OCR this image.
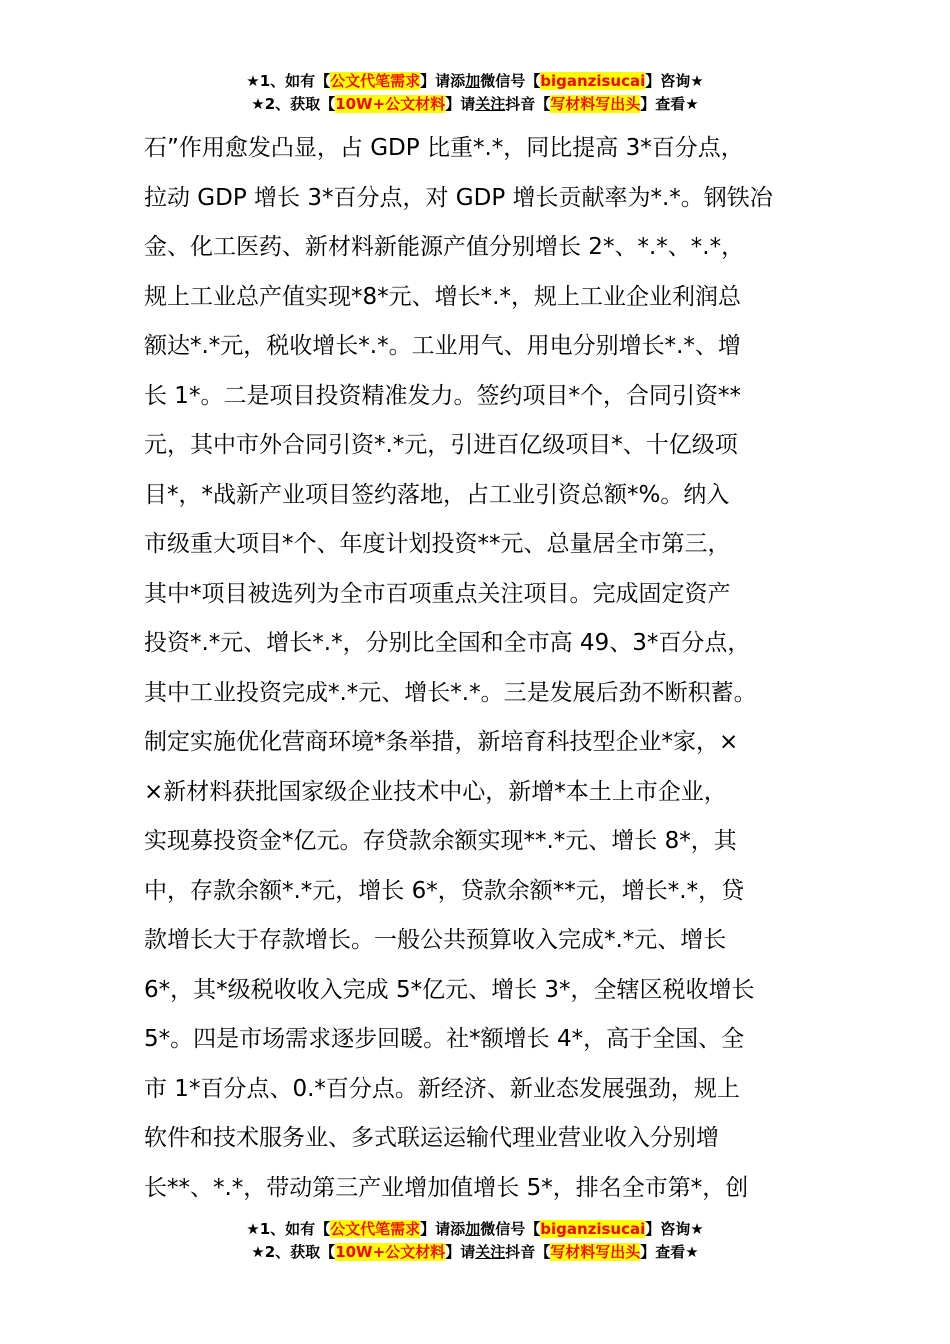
★1、如有【公文代笔需求】请添加微信号【biganzisucai】咨询★
★2、获取【10W+公文材料】请关注抖音【写材料写出头】查看★
石”作用愈发凸显，占 GDP 比重*.*，同比提高 3*百分点，
拉动 GDP 增长 3*百分点，对 GDP 增长贡献率为*.*。钢铁冶
金、化工医药、新材料新能源产值分别增长 2*、*.*、*.*，
规上工业总产值实现*8*元、增长*.*，规上工业企业利润总
额达*.*元，税收增长*.*。工业用气、用电分别增长*.*、增
长 1*。二是项目投资精准发力。签约项目*个，合同引资**
元，其中市外合同引资*.*元，引进百亿级项目*、十亿级项
目*，*战新产业项目签约落地，占工业引资总额*%。纳入
市级重大项目*个、年度计划投资**元、总量居全市第三，
其中*项目被选列为全市百项重点关注项目。完成固定资产
投资*.*元、增长*.*，分别比全国和全市高 49、3*百分点，
其中工业投资完成*.*元、增长*.*。三是发展后劲不断积蓄。
制定实施优化营商环境*条举措，新培育科技型企业*家，×
×新材料获批国家级企业技术中心，新增*本土上市企业，
实现募投资金*亿元。存贷款余额实现**.*元、增长 8*，其
中，存款余额*.*元，增长 6*，贷款余额**元，增长*.*，贷
款增长大于存款增长。一般公共预算收入完成*.*元、增长
6*，其*级税收收入完成 5*亿元、增长 3*，全辖区税收增长
5*。四是市场需求逐步回暖。社*额增长 4*，高于全国、全
市 1*百分点、0.*百分点。新经济、新业态发展强劲，规上
软件和技术服务业、多式联运运输代理业营业收入分别增
长**、*.*，带动第三产业增加值增长 5*，排名全市第*，创
★1、如有【公文代笔需求】请添加微信号【biganzisucai】咨询★
★2、获取【10W+公文材料】请关注抖音【写材料写出头】查看★
